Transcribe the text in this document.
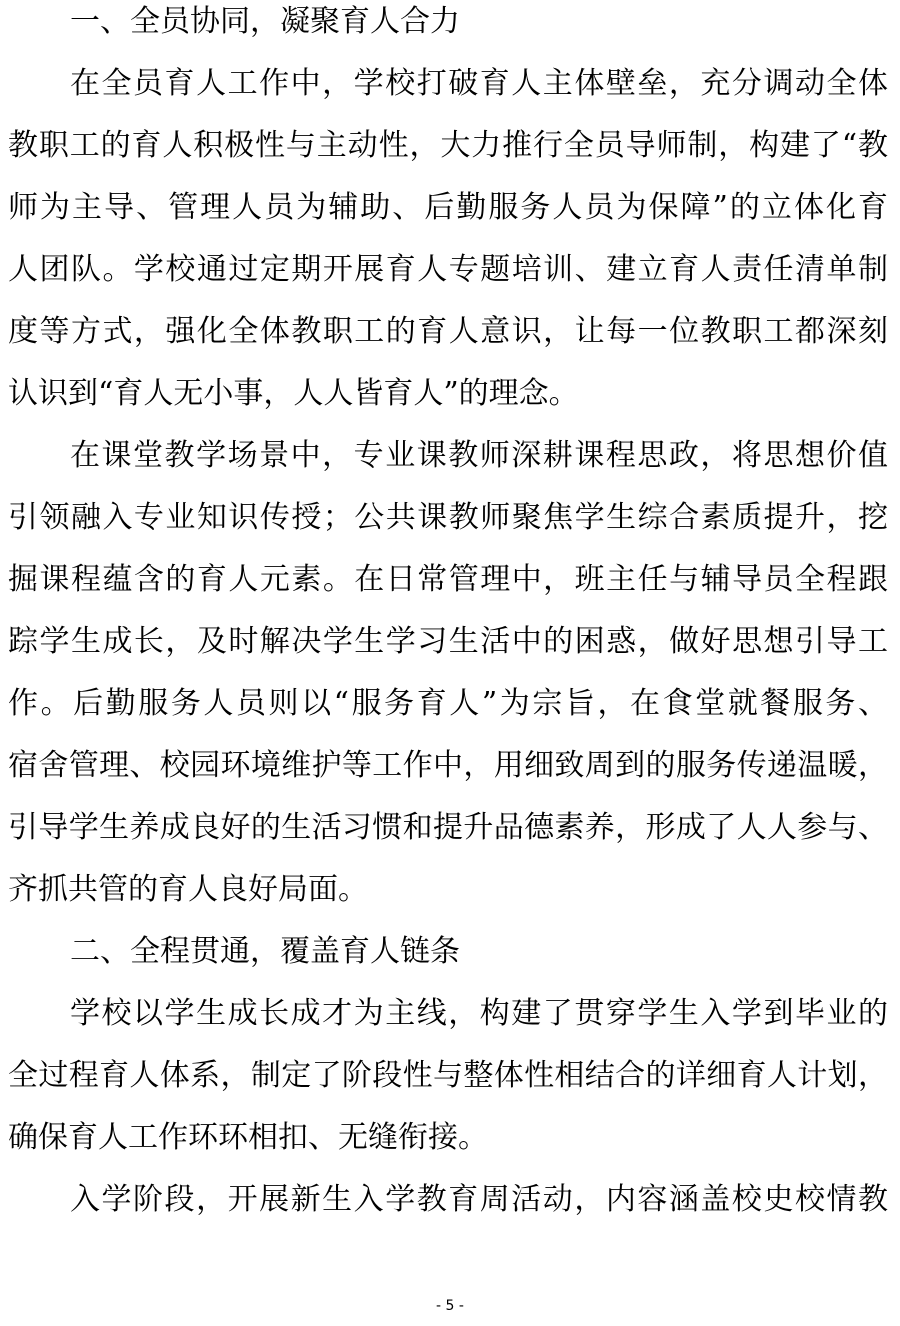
一、全员协同，凝聚育人合力
在全员育人工作中，学校打破育人主体壁垒，充分调动全体
教职工的育人积极性与主动性，大力推行全员导师制，构建了“教
师为主导、管理人员为辅助、后勤服务人员为保障”的立体化育
人团队。学校通过定期开展育人专题培训、建立育人责任清单制
度等方式，强化全体教职工的育人意识，让每一位教职工都深刻
认识到“育人无小事，人人皆育人”的理念。
在课堂教学场景中，专业课教师深耕课程思政，将思想价值
引领融入专业知识传授；公共课教师聚焦学生综合素质提升，挖
掘课程蕴含的育人元素。在日常管理中，班主任与辅导员全程跟
踪学生成长，及时解决学生学习生活中的困惑，做好思想引导工
作。后勤服务人员则以“服务育人”为宗旨，在食堂就餐服务、
宿舍管理、校园环境维护等工作中，用细致周到的服务传递温暖，
引导学生养成良好的生活习惯和提升品德素养，形成了人人参与、
齐抓共管的育人良好局面。
二、全程贯通，覆盖育人链条
学校以学生成长成才为主线，构建了贯穿学生入学到毕业的
全过程育人体系，制定了阶段性与整体性相结合的详细育人计划，
确保育人工作环环相扣、无缝衔接。
入学阶段，开展新生入学教育周活动，内容涵盖校史校情教
- 5 -
